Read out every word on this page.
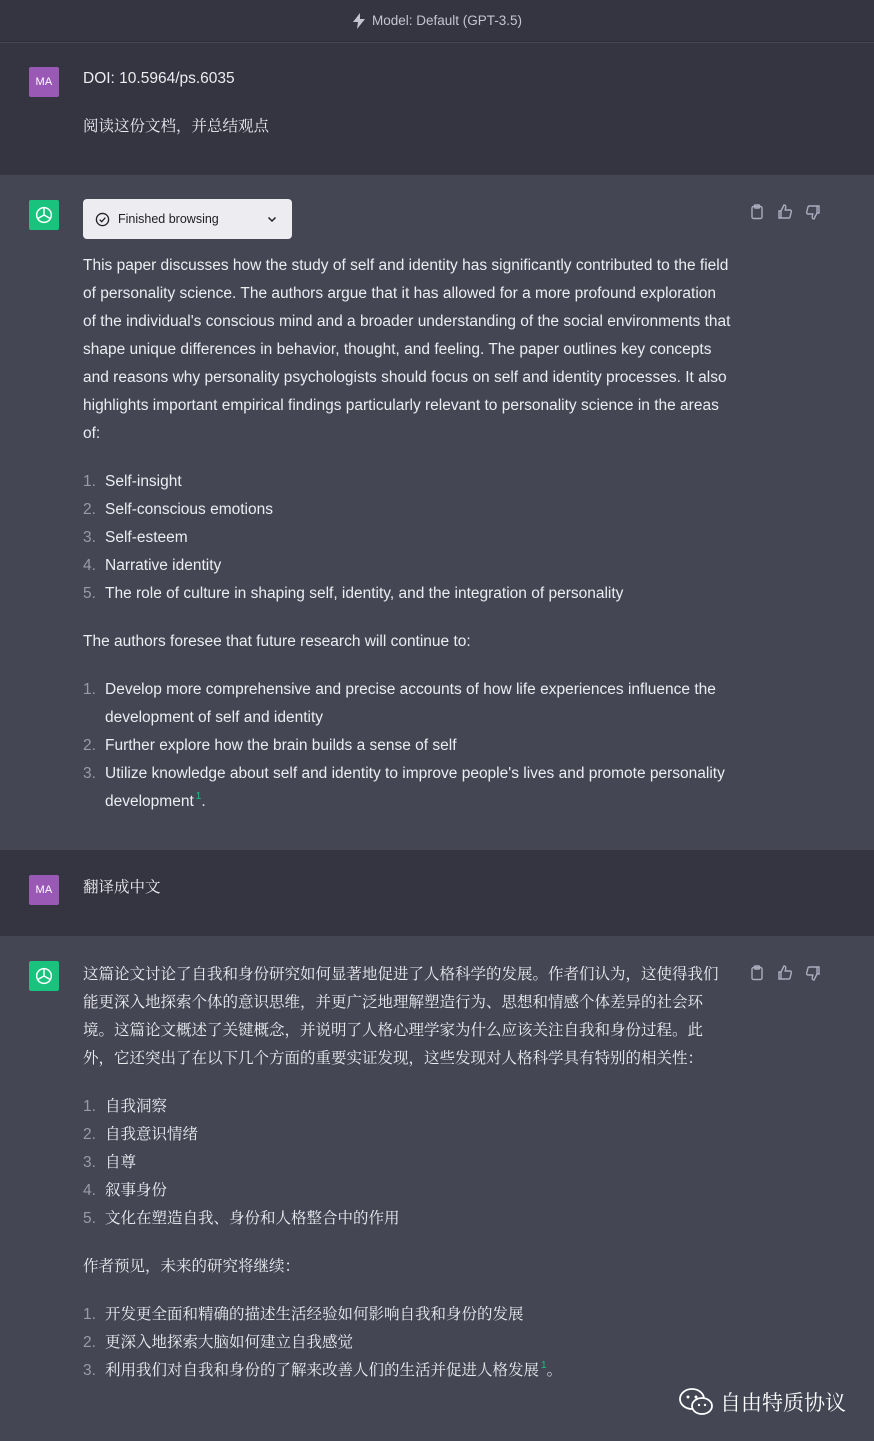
Model: Default (GPT-3.5)
MA	DOI: 10.5964/ps.6035

阅读这份文档，并总结观点

Finished browsing

This paper discusses how the study of self and identity has significantly contributed to the field of personality science. The authors argue that it has allowed for a more profound exploration of the individual's conscious mind and a broader understanding of the social environments that shape unique differences in behavior, thought, and feeling. The paper outlines key concepts and reasons why personality psychologists should focus on self and identity processes. It also highlights important empirical findings particularly relevant to personality science in the areas of:

1. Self-insight
2. Self-conscious emotions
3. Self-esteem
4. Narrative identity
5. The role of culture in shaping self, identity, and the integration of personality

The authors foresee that future research will continue to:

1. Develop more comprehensive and precise accounts of how life experiences influence the development of self and identity
2. Further explore how the brain builds a sense of self
3. Utilize knowledge about self and identity to improve people's lives and promote personality development $^1$.
MA	翻译成中文

这篇论文讨论了自我和身份研究如何显著地促进了人格科学的发展。作者们认为，这使得我们能更深入地探索个体的意识思维，并更广泛地理解塑造行为、思想和情感个体差异的社会环境。这篇论文概述了关键概念，并说明了人格心理学家为什么应该关注自我和身份过程。此外，它还突出了在以下几个方面的重要实证发现，这些发现对人格科学具有特别的相关性：

1. 自我洞察
2. 自我意识情绪
3. 自尊
4. 叙事身份
5. 文化在塑造自我、身份和人格整合中的作用

作者预见，未来的研究将继续：

1. 开发更全面和精确的描述生活经验如何影响自我和身份的发展
2. 更深入地探索大脑如何建立自我感觉
3. 利用我们对自我和身份的了解来改善人们的生活并促进人格发展 $^1$。
自由特质协议
